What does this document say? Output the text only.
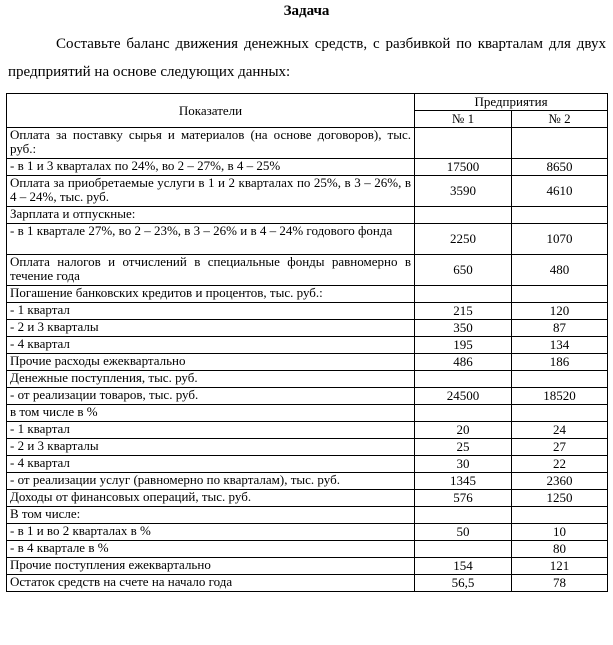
Задача
Составьте баланс движения денежных средств, с разбивкой по кварталам для двух предприятий на основе следующих данных:
Показатели	Предприятия	
	№ 1	№ 2
Оплата за поставку сырья и материалов (на основе договоров), тыс. руб.:		
- в 1 и 3 кварталах по 24%, во 2 – 27%, в 4 – 25%	17500	8650
Оплата за приобретаемые услуги в 1 и 2 кварталах по 25%, в 3 – 26%, в 4 – 24%, тыс. руб.	3590	4610
Зарплата и отпускные:		
- в 1 квартале 27%, во 2 – 23%, в 3 – 26% и в 4 – 24% годового фонда	2250	1070
Оплата налогов и отчислений в специальные фонды равномерно в течение года	650	480
Погашение банковских кредитов и процентов, тыс. руб.:		
- 1 квартал	215	120
- 2 и 3 кварталы	350	87
- 4 квартал	195	134
Прочие расходы ежеквартально	486	186
Денежные поступления, тыс. руб.		
- от реализации товаров, тыс. руб.	24500	18520
в том числе в %		
- 1 квартал	20	24
- 2 и 3 кварталы	25	27
- 4 квартал	30	22
- от реализации услуг (равномерно по кварталам), тыс. руб.	1345	2360
Доходы от финансовых операций, тыс. руб.	576	1250
В том числе:		
- в 1 и во 2 кварталах в %	50	10
- в 4 квартале в %		80
Прочие поступления ежеквартально	154	121
Остаток средств на счете на начало года	56,5	78
